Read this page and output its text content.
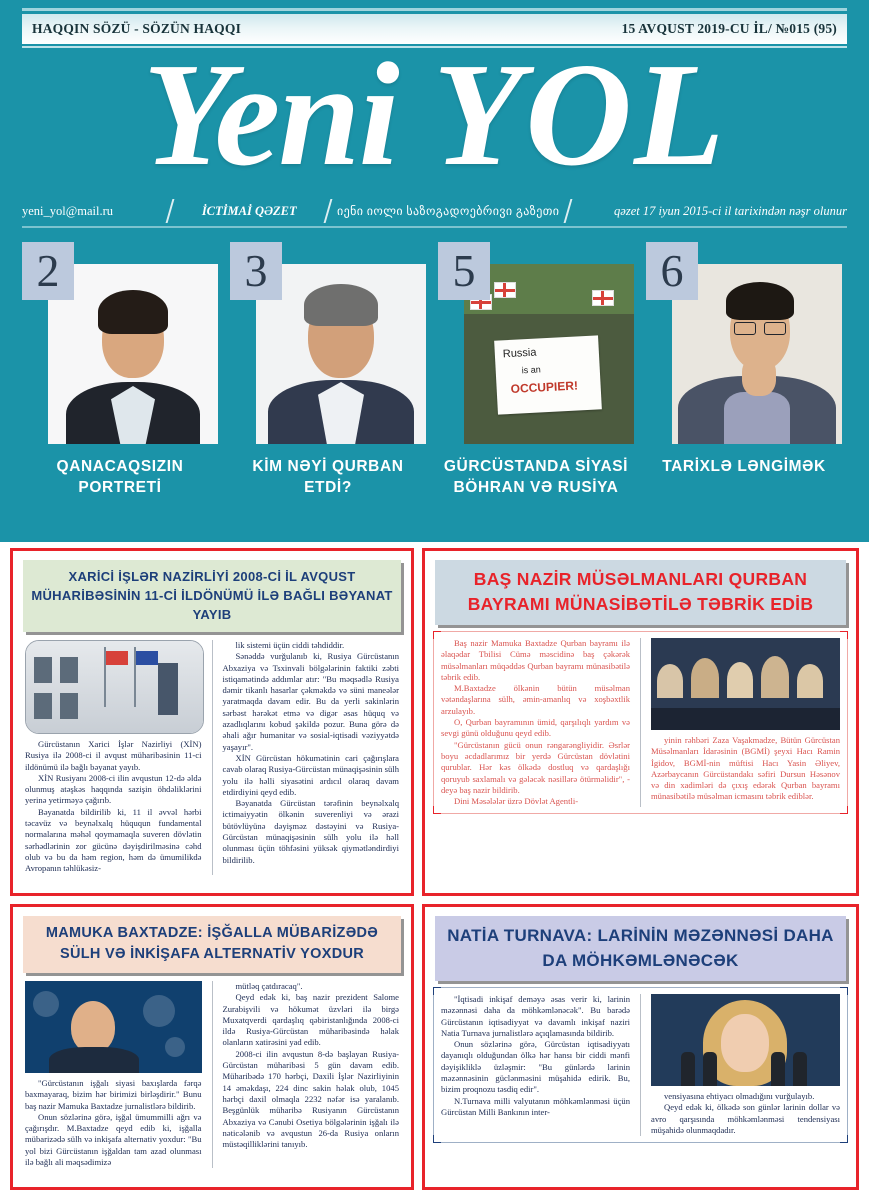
HAQQIN SÖZÜ - SÖZÜN HAQQI	15 AVQUST 2019-CU İL/ №015 (95)
Yeni YOL
yeni_yol@mail.ru	İCTİMAİ QƏZET	იენი იოლი საზოგადოებრივი გაზეთი	qəzet 17 iyun 2015-ci il tarixindən nəşr olunur
2
QANACAQSIZIN PORTRETİ
3
KİM NƏYİ QURBAN ETDİ?
5
Russia
is an
OCCUPIER!
GÜRCÜSTANDA SİYASİ BÖHRAN VƏ RUSİYA
6
TARİXLƏ LƏNGİMƏK
XARİCİ İŞLƏR NAZİRLİYİ 2008-Cİ İL AVQUST MÜHARİBƏSİNİN 11-Cİ İLDÖNÜMÜ İLƏ BAĞLI BƏYANAT YAYIB

Gürcüstanın Xarici İşlər Nazirliyi (XİN) Rusiya ilə 2008-ci il avqust müharibəsinin 11-ci ildönümü ilə bağlı bəyanat yayıb.

XİN Rusiyanı 2008-ci ilin avqustun 12-də əldə olunmuş atəşkəs haqqında sazişin öhdəliklərini yerinə yetirməyə çağırıb.

Bəyanatda bildirilib ki, 11 il əvvəl hərbi təcavüz və beynəlxalq hüququn fundamental normalarına məhəl qoymamaqla suveren dövlətin sərhədlərinin zor gücünə dəyişdirilməsinə cəhd olub və bu da həm region, həm də ümumilikdə Avropanın təhlükəsiz-

lik sistemi üçün ciddi təhdiddir.

Sənəddə vurğulanıb ki, Rusiya Gürcüstanın Abxaziya və Tsxinvali bölgələrinin faktiki zəbti istiqamətində addımlar atır: "Bu məqsədlə Rusiya dəmir tikanlı hasarlar çəkməkdə və süni maneələr yaratmaqda davam edir. Bu da yerli sakinlərin sərbəst hərəkət etmə və digər əsas hüquq və azadlıqlarını kobud şəkildə pozur. Buna görə də əhali ağır humanitar və sosial-iqtisadi vəziyyətdə yaşayır".

XİN Gürcüstan hökumətinin cari çağırışlara cavab olaraq Rusiya-Gürcüstan münaqişəsinin sülh yolu ilə həlli siyasətini ardıcıl olaraq davam etdirdiyini qeyd edib.

Bəyanatda Gürcüstan tərəfinin beynəlxalq ictimaiyyətin ölkənin suverenliyi və ərazi bütövlüyünə dəyişməz dəstəyini və Rusiya-Gürcüstan münaqişəsinin sülh yolu ilə həll olunması üçün töhfəsini yüksək qiymətləndirdiyi bildirilib.

BAŞ NAZİR MÜSƏLMANLARI QURBAN BAYRAMI MÜNASİBƏTİLƏ TƏBRİK EDİB

Baş nazir Mamuka Baxtadze Qurban bayramı ilə əlaqədar Tbilisi Cümə məscidinə baş çəkərək müsəlmanları müqəddəs Qurban bayramı münasibətilə təbrik edib.

M.Baxtadze ölkənin bütün müsəlman vətəndaşlarına sülh, əmin-amanlıq və xoşbəxtlik arzulayıb.

O, Qurban bayramının ümid, qarşılıqlı yardım və sevgi günü olduğunu qeyd edib.

"Gürcüstanın gücü onun rəngarəngliyidir. Əsrlər boyu əcdadlarımız bir yerdə Gürcüstan dövlətini qurublar. Hər kəs ölkədə dostluq və qardaşlığı qoruyub saxlamalı və gələcək nəsillərə ötürməlidir", - deyə baş nazir bildirib.

Dini Məsələlər üzrə Dövlət Agentli-

yinin rəhbəri Zaza Vaşakmadze, Bütün Gürcüstan Müsəlmanları İdarəsinin (BGMİ) şeyxi Hacı Ramin İgidov, BGMİ-nin müftisi Hacı Yasin Əliyev, Azərbaycanın Gürcüstandakı səfiri Dursun Həsənov və din xadimləri də çıxış edərək Qurban bayramı münasibətilə müsəlman icmasını təbrik ediblər.

MAMUKA BAXTADZE: İŞĞALLA MÜBARİZƏDƏ SÜLH VƏ İNKİŞAFA ALTERNATİV YOXDUR

"Gürcüstanın işğalı siyasi baxışlarda fərqə baxmayaraq, bizim hər birimizi birləşdirir." Bunu baş nazir Mamuka Baxtadze jurnalistlərə bildirib.

Onun sözlərinə görə, işğal ümummilli ağrı və çağırışdır. M.Baxtadze qeyd edib ki, işğalla mübarizədə sülh və inkişafa alternativ yoxdur: "Bu yol bizi Gürcüstanın işğaldan tam azad olunması ilə bağlı ali məqsədimizə

mütləq çatdıracaq".

Qeyd edək ki, baş nazir prezident Salome Zurabişvili və hökumət üzvləri ilə birgə Muxatqverdi qardaşlıq qəbiristanlığında 2008-ci ildə Rusiya-Gürcüstan müharibəsində həlak olanların xatirəsini yad edib.

2008-ci ilin avqustun 8-də başlayan Rusiya-Gürcüstan müharibəsi 5 gün davam edib. Müharibədə 170 hərbçi, Daxili İşlər Nazirliyinin 14 əməkdaşı, 224 dinc sakin həlak olub, 1045 hərbçi daxil olmaqla 2232 nəfər isə yaralanıb. Beşgünlük müharibə Rusiyanın Gürcüstanın Abxaziya və Cənubi Osetiya bölgələrinin işğalı ilə nəticələnib və avqustun 26-da Rusiya onların müstəqilliklərini tanıyıb.

NATİA TURNAVA: LARİNİN MƏZƏNNƏSİ DAHA DA MÖHKƏMLƏNƏCƏK

"İqtisadi inkişaf deməyə əsas verir ki, larinin məzənnəsi daha da möhkəmlənəcək". Bu barədə Gürcüstanın iqtisadiyyat və davamlı inkişaf naziri Natia Turnava jurnalistlərə açıqlamasında bildirib.

Onun sözlərinə görə, Gürcüstan iqtisadiyyatı dayanıqlı olduğundan ölkə hər hansı bir ciddi mənfi dəyişikliklə üzləşmir: "Bu günlərdə larinin məzənnəsinin güclənməsini müşahidə edirik. Bu, bizim proqnozu təsdiq edir".

N.Turnava milli valyutanın möhkəmlənməsi üçün Gürcüstan Milli Bankının inter-

vensiyasına ehtiyacı olmadığını vurğulayıb.

Qeyd edək ki, ölkədə son günlər larinin dollar və avro qarşısında möhkəmlənməsi tendensiyası müşahidə olunmaqdadır.
